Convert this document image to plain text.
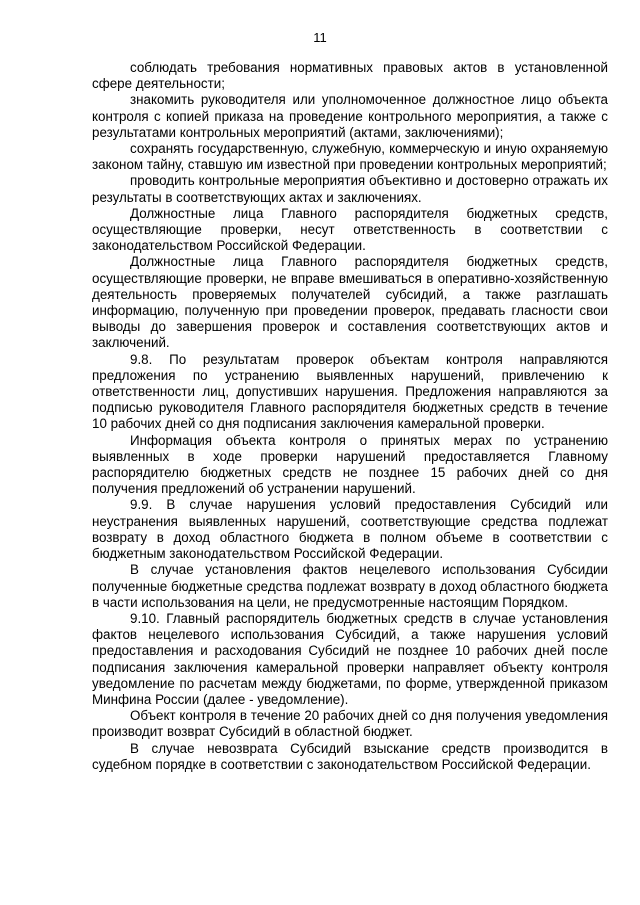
11

соблюдать требования нормативных правовых актов в установленной сфере деятельности;

знакомить руководителя или уполномоченное должностное лицо объекта контроля с копией приказа на проведение контрольного мероприятия, а также с результатами контрольных мероприятий (актами, заключениями);

сохранять государственную, служебную, коммерческую и иную охраняемую законом тайну, ставшую им известной при проведении контрольных мероприятий;

проводить контрольные мероприятия объективно и достоверно отражать их результаты в соответствующих актах и заключениях.

Должностные лица Главного распорядителя бюджетных средств, осуществляющие проверки, несут ответственность в соответствии с законодательством Российской Федерации.

Должностные лица Главного распорядителя бюджетных средств, осуществляющие проверки, не вправе вмешиваться в оперативно-хозяйственную деятельность проверяемых получателей субсидий, а также разглашать информацию, полученную при проведении проверок, предавать гласности свои выводы до завершения проверок и составления соответствующих актов и заключений.

9.8. По результатам проверок объектам контроля направляются предложения по устранению выявленных нарушений, привлечению к ответственности лиц, допустивших нарушения. Предложения направляются за подписью руководителя Главного распорядителя бюджетных средств в течение 10 рабочих дней со дня подписания заключения камеральной проверки.

Информация объекта контроля о принятых мерах по устранению выявленных в ходе проверки нарушений предоставляется Главному распорядителю бюджетных средств не позднее 15 рабочих дней со дня получения предложений об устранении нарушений.

9.9. В случае нарушения условий предоставления Субсидий или неустранения выявленных нарушений, соответствующие средства подлежат возврату в доход областного бюджета в полном объеме в соответствии с бюджетным законодательством Российской Федерации.

В случае установления фактов нецелевого использования Субсидии полученные бюджетные средства подлежат возврату в доход областного бюджета в части использования на цели, не предусмотренные настоящим Порядком.

9.10. Главный распорядитель бюджетных средств в случае установления фактов нецелевого использования Субсидий, а также нарушения условий предоставления и расходования Субсидий не позднее 10 рабочих дней после подписания заключения камеральной проверки направляет объекту контроля уведомление по расчетам между бюджетами, по форме, утвержденной приказом Минфина России (далее - уведомление).

Объект контроля в течение 20 рабочих дней со дня получения уведомления производит возврат Субсидий в областной бюджет.

В случае невозврата Субсидий взыскание средств производится в судебном порядке в соответствии с законодательством Российской Федерации.
